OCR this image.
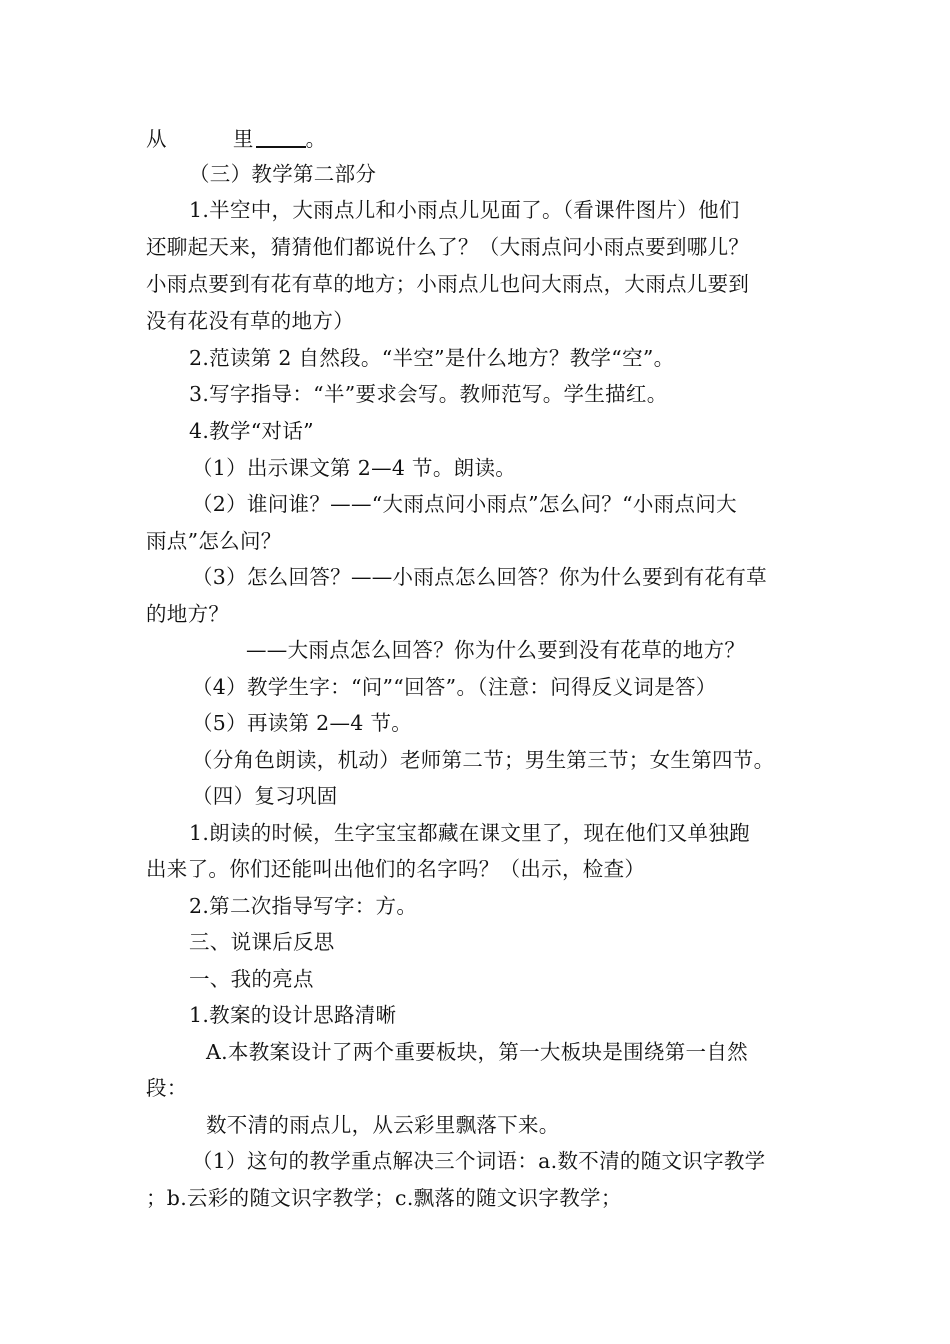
从	里	。
（三）教学第二部分
1.半空中，大雨点儿和小雨点儿见面了。（看课件图片）他们
还聊起天来，猜猜他们都说什么了？（大雨点问小雨点要到哪儿？
小雨点要到有花有草的地方；小雨点儿也问大雨点，大雨点儿要到
没有花没有草的地方）
2.范读第 2 自然段。“半空”是什么地方？教学“空”。
3.写字指导：“半”要求会写。教师范写。学生描红。
4.教学“对话”
（1）出示课文第 2—4 节。朗读。
（2）谁问谁？——“大雨点问小雨点”怎么问？“小雨点问大
雨点”怎么问？
（3）怎么回答？——小雨点怎么回答？你为什么要到有花有草
的地方？
——大雨点怎么回答？你为什么要到没有花草的地方？
（4）教学生字：“问”“回答”。（注意：问得反义词是答）
（5）再读第 2—4 节。
（分角色朗读，机动）老师第二节；男生第三节；女生第四节。
（四）复习巩固
1.朗读的时候，生字宝宝都藏在课文里了，现在他们又单独跑
出来了。你们还能叫出他们的名字吗？（出示，检查）
2.第二次指导写字：方。
三、说课后反思
一、我的亮点
1.教案的设计思路清晰
A.本教案设计了两个重要板块，第一大板块是围绕第一自然
段：
数不清的雨点儿，从云彩里飘落下来。
（1）这句的教学重点解决三个词语：a.数不清的随文识字教学
；b.云彩的随文识字教学；c.飘落的随文识字教学；
